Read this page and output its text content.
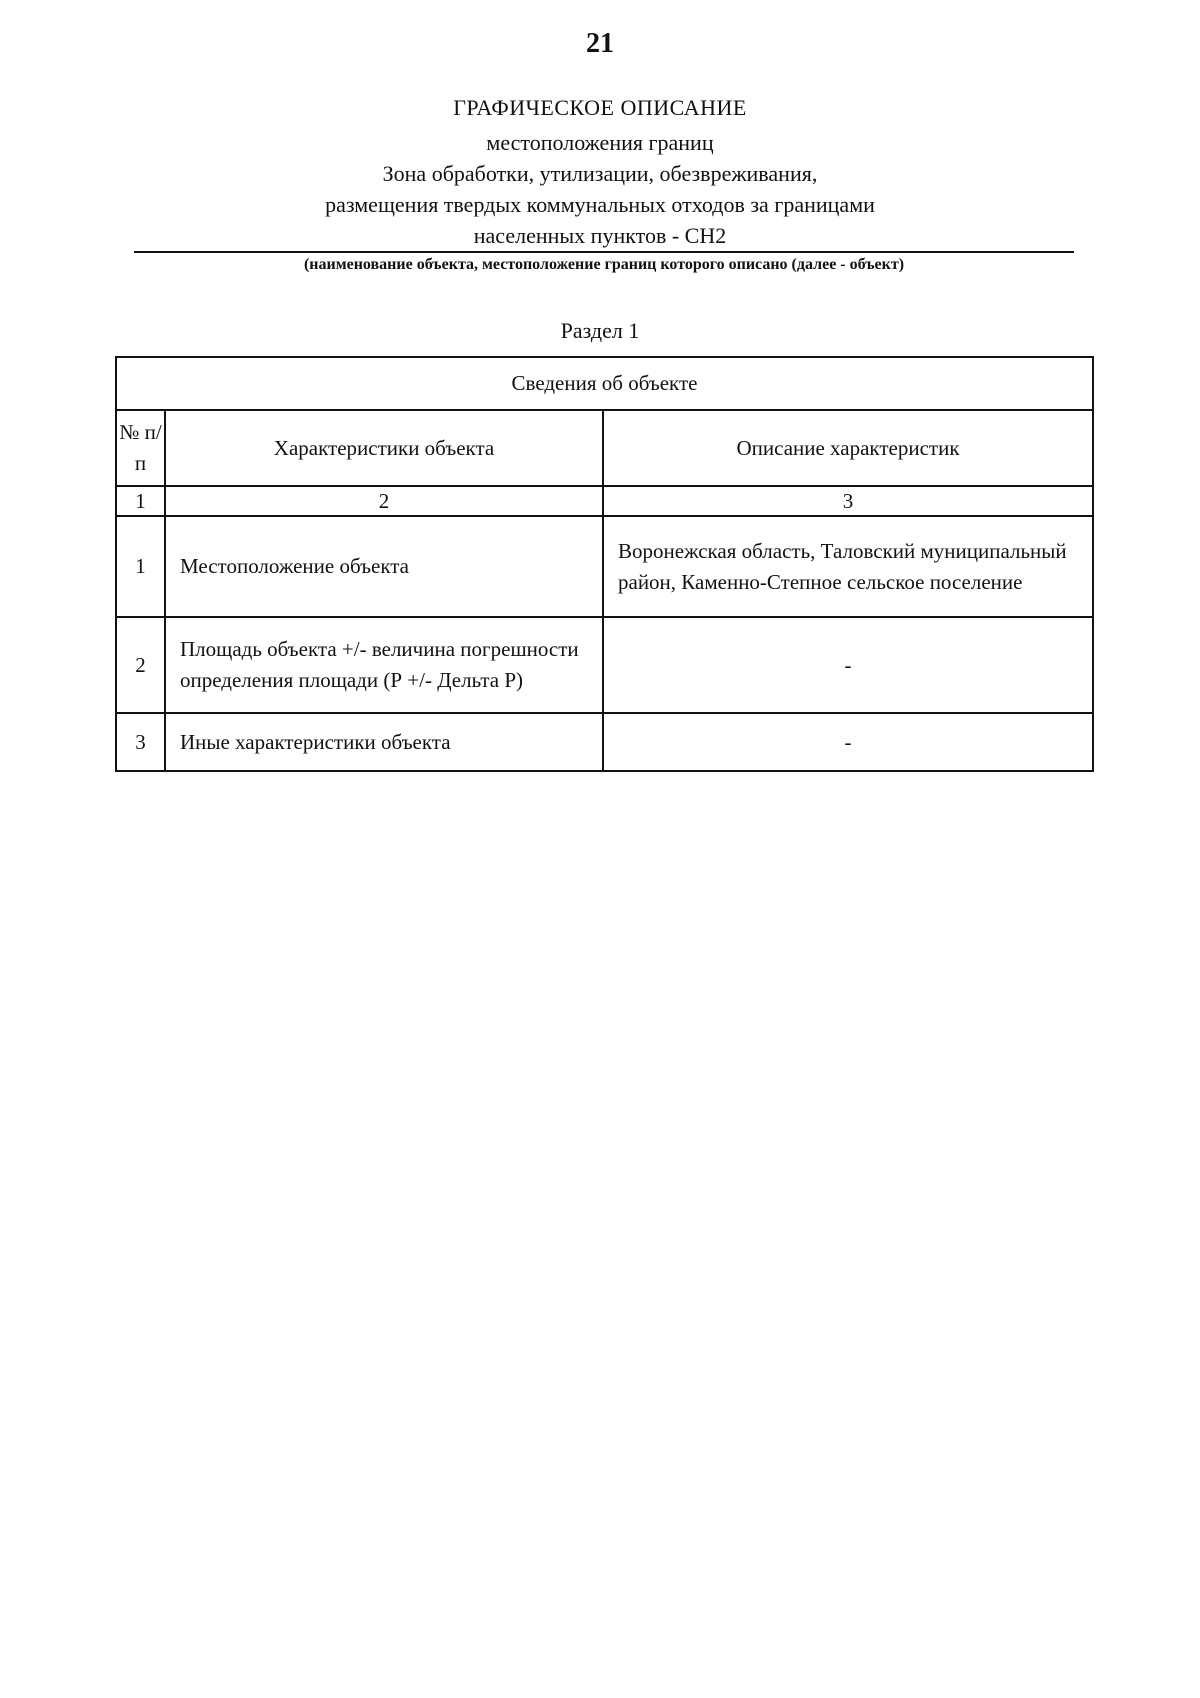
21
ГРАФИЧЕСКОЕ ОПИСАНИЕ
местоположения границ
Зона обработки, утилизации, обезвреживания,
размещения твердых коммунальных отходов за границами
населенных пунктов - СН2
(наименование объекта, местоположение границ которого описано (далее - объект)
Раздел 1
Сведения об объекте		
№ п/п	Характеристики объекта	Описание характеристик
1	2	3
1	Местоположение объекта	Воронежская область, Таловский муниципальный район, Каменно-Степное сельское поселение
2	Площадь объекта +/- величина погрешности определения площади (Р +/- Дельта Р)	-
3	Иные характеристики объекта	-
